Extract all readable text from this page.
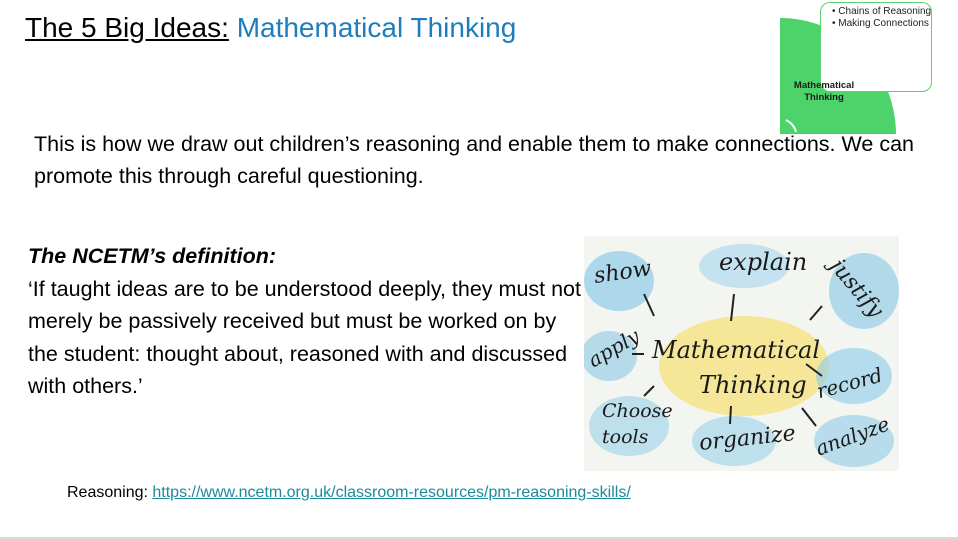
The 5 Big Ideas: Mathematical Thinking
• Chains of Reasoning
• Making Connections
Mathematical Thinking
This is how we draw out children’s reasoning and enable them to make connections. We can promote this through careful questioning.
The NCETM’s definition:
‘If taught ideas are to be understood deeply, they must not merely be passively received but must be worked on by the student: thought about, reasoned with and discussed with others.’
show	explain justify
apply Mathematical
Thinking record
Choose tools	organize analyze
Reasoning: https://www.ncetm.org.uk/classroom-resources/pm-reasoning-skills/
